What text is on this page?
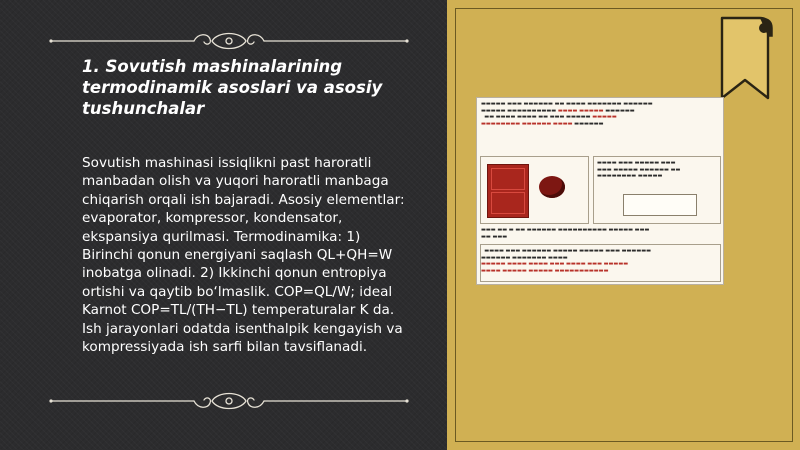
1. Sovutish mashinalarining termodinamik asoslari va asosiy tushunchalar
Sovutish mashinasi issiqlikni past haroratli manbadan olish va yuqori haroratli manbaga chiqarish orqali ish bajaradi. Asosiy elementlar: evaporator, kompressor, kondensator, ekspansiya qurilmasi. Termodinamika: 1) Birinchi qonun energiyani saqlash QL+QH=W inobatga olinadi. 2) Ikkinchi qonun entropiya ortishi va qaytib bo‘lmaslik. COP=QL/W; ideal Karnot COP=TL/(TH−TL) temperaturalar K da. Ish jarayonlari odatda isenthalpik kengayish va kompressiyada ish sarfi bilan tavsiflanadi.
▬▬▬▬▬ ▬▬▬ ▬▬▬▬▬▬ ▬▬ ▬▬▬▬ ▬▬▬▬▬▬▬ ▬▬▬▬▬▬
▬▬▬▬▬ ▬▬▬▬▬▬▬▬▬▬ ▬▬▬▬ ▬▬▬▬▬ ▬▬▬▬▬▬
▬▬ ▬▬▬▬ ▬▬▬▬ ▬▬ ▬▬▬ ▬▬▬▬▬ ▬▬▬▬▬
▬▬▬▬▬▬▬▬ ▬▬▬▬▬▬ ▬▬▬▬ ▬▬▬▬▬▬
▬▬▬▬ ▬▬▬ ▬▬▬▬▬ ▬▬▬
▬▬▬ ▬▬▬▬▬ ▬▬▬▬▬▬ ▬▬
▬▬▬▬▬▬▬▬ ▬▬▬▬▬
▬▬▬ ▬▬ ▬ ▬▬ ▬▬▬▬▬▬ ▬▬▬▬▬▬▬▬▬▬ ▬▬▬▬▬ ▬▬▬
▬▬ ▬▬▬
▬▬▬▬ ▬▬▬ ▬▬▬▬▬▬ ▬▬▬▬▬ ▬▬▬▬▬ ▬▬▬ ▬▬▬▬▬▬
▬▬▬▬▬▬ ▬▬▬▬▬▬▬ ▬▬▬▬
▬▬▬▬▬ ▬▬▬▬ ▬▬▬▬ ▬▬▬ ▬▬▬▬ ▬▬▬ ▬▬▬▬▬
▬▬▬▬ ▬▬▬▬▬ ▬▬▬▬▬ ▬▬▬▬▬▬▬▬▬▬▬
